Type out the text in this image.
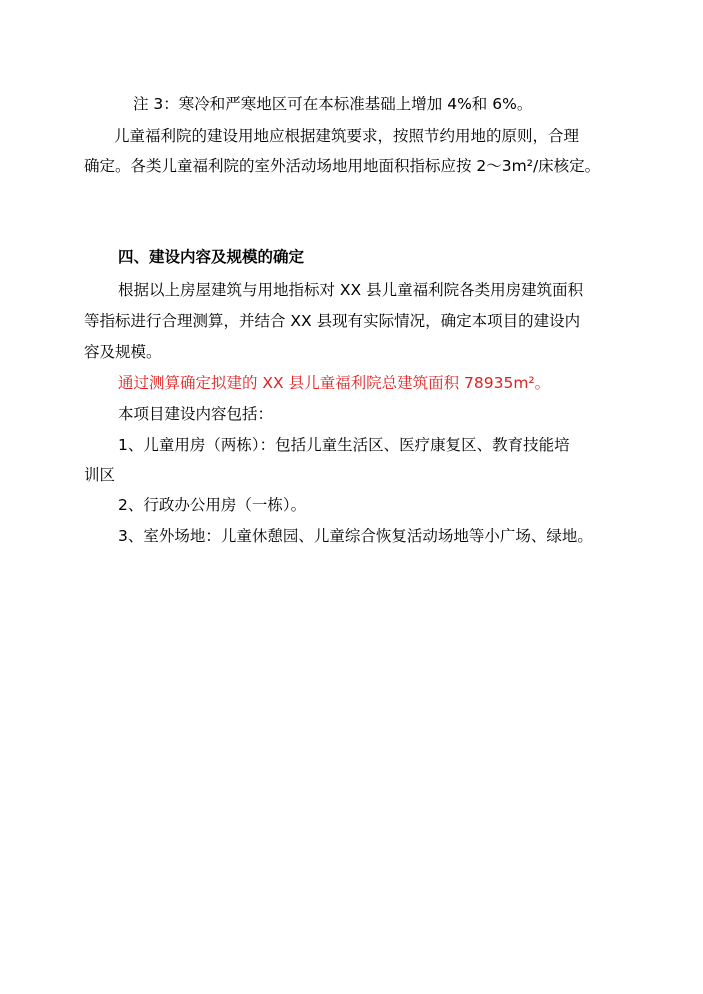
注 3：寒冷和严寒地区可在本标准基础上增加 4%和 6%。
儿童福利院的建设用地应根据建筑要求，按照节约用地的原则，合理
确定。各类儿童福利院的室外活动场地用地面积指标应按 2～3m²/床核定。
四、建设内容及规模的确定
根据以上房屋建筑与用地指标对 XX 县儿童福利院各类用房建筑面积
等指标进行合理测算，并结合 XX 县现有实际情况，确定本项目的建设内
容及规模。
通过测算确定拟建的 XX 县儿童福利院总建筑面积 78935m²。
本项目建设内容包括：
1、儿童用房（两栋）：包括儿童生活区、医疗康复区、教育技能培
训区
2、行政办公用房（一栋）。
3、室外场地：儿童休憩园、儿童综合恢复活动场地等小广场、绿地。
